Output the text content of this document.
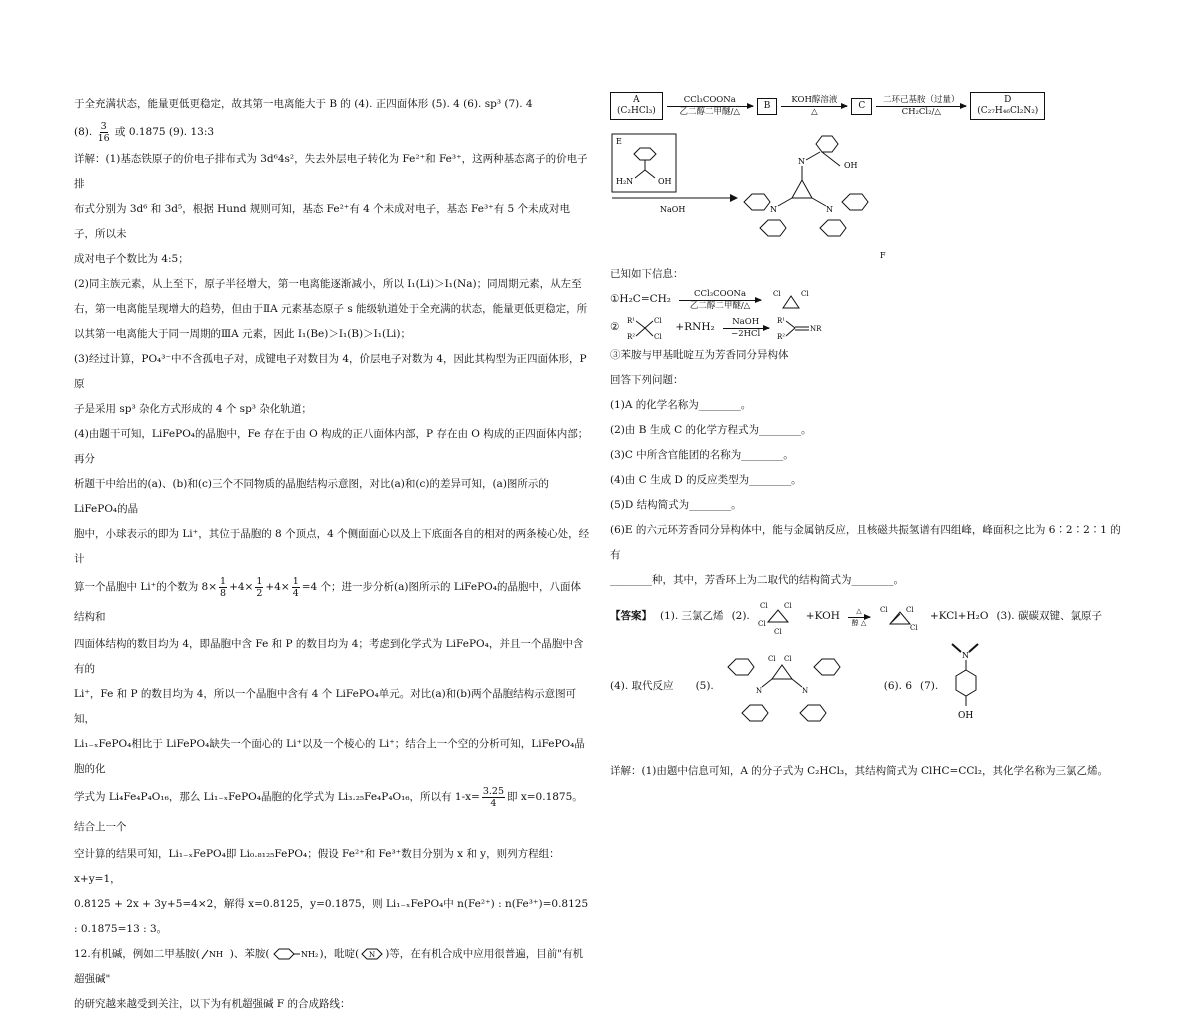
于全充满状态，能量更低更稳定，故其第一电离能大于 B 的 (4). 正四面体形 (5). 4 (6). sp³ (7). 4

(8). $\frac{3}{16}$ 或 0.1875 (9). 13:3

详解：(1)基态铁原子的价电子排布式为 3d⁶4s²，失去外层电子转化为 Fe²⁺和 Fe³⁺，这两种基态离子的价电子排

布式分别为 3d⁶ 和 3d⁵，根据 Hund 规则可知，基态 Fe²⁺有 4 个未成对电子，基态 Fe³⁺有 5 个未成对电子，所以未

成对电子个数比为 4:5；

(2)同主族元素，从上至下，原子半径增大，第一电离能逐渐减小，所以 I₁(Li)＞I₁(Na)；同周期元素，从左至

右，第一电离能呈现增大的趋势，但由于ⅡA 元素基态原子 s 能级轨道处于全充满的状态，能量更低更稳定，所

以其第一电离能大于同一周期的ⅢA 元素，因此 I₁(Be)＞I₁(B)＞I₁(Li)；

(3)经过计算，PO₄³⁻中不含孤电子对，成键电子对数目为 4，价层电子对数为 4，因此其构型为正四面体形，P 原

子是采用 sp³ 杂化方式形成的 4 个 sp³ 杂化轨道；

(4)由题干可知，LiFePO₄的晶胞中，Fe 存在于由 O 构成的正八面体内部，P 存在由 O 构成的正四面体内部；再分

析题干中给出的(a)、(b)和(c)三个不同物质的晶胞结构示意图，对比(a)和(c)的差异可知，(a)图所示的 LiFePO₄的晶

胞中，小球表示的即为 Li⁺，其位于晶胞的 8 个顶点，4 个侧面面心以及上下底面各自的相对的两条棱心处，经计

算一个晶胞中 Li⁺的个数为 $8\times \frac{1}{8} +4\times \frac{1}{2} +4\times \frac{1}{4} =4$ 个；进一步分析(a)图所示的 LiFePO₄的晶胞中，八面体结构和

四面体结构的数目均为 4，即晶胞中含 Fe 和 P 的数目均为 4；考虑到化学式为 LiFePO₄，并且一个晶胞中含有的

Li⁺，Fe 和 P 的数目均为 4，所以一个晶胞中含有 4 个 LiFePO₄单元。对比(a)和(b)两个晶胞结构示意图可知，

Li₁₋ₓFePO₄相比于 LiFePO₄缺失一个面心的 Li⁺以及一个棱心的 Li⁺；结合上一个空的分析可知，LiFePO₄晶胞的化

学式为 Li₄Fe₄P₄O₁₆，那么 Li₁₋ₓFePO₄晶胞的化学式为 Li₃.₂₅Fe₄P₄O₁₆，所以有 $1-x= \frac{3.25}{4}$ 即 x=0.1875。结合上一个

空计算的结果可知，Li₁₋ₓFePO₄即 Li₀.₈₁₂₅FePO₄；假设 Fe²⁺和 Fe³⁺数目分别为 x 和 y，则列方程组： x+y=1，

0.8125 + 2x + 3y+5=4×2，解得 x=0.8125，y=0.1875，则 Li₁₋ₓFePO₄中 n(Fe²⁺) : n(Fe³⁺)=0.8125 : 0.1875=13 : 3。

12.有机碱，例如二甲基胺( NH )、苯胺(	NH₂ )，吡啶( N )等，在有机合成中应用很普遍，目前"有机超强碱"

的研究越来越受到关注，以下为有机超强碱 F 的合成路线：

A
(C₂HCl₃)
CCl₃COONa
乙二醇二甲醚/△
B
KOH醇溶液
△
C
二环己基胺（过量）
CH₂Cl₂/△
D
(C₂₇H₄₆Cl₂N₂)
E
H₂N	OH
NaOH
N	OH
N	N
F

已知如下信息：

①H₂C=CH₂	CCl₃COONa
乙二醇二甲醚/△
Cl	Cl
②
R¹
R²
Cl
Cl
+RNH₂	NaOH
−2HCl
R¹
R²
NR

③苯胺与甲基吡啶互为芳香同分异构体

回答下列问题：

(1)A 的化学名称为________。

(2)由 B 生成 C 的化学方程式为________。

(3)C 中所含官能团的名称为________。

(4)由 C 生成 D 的反应类型为________。

(5)D 结构简式为________。

(6)E 的六元环芳香同分异构体中，能与金属钠反应，且核磁共振氢谱有四组峰，峰面积之比为 6∶2∶2∶1 的有

________种，其中，芳香环上为二取代的结构简式为________。

【答案】 (1). 三氯乙烯 (2).
Cl Cl
Cl
Cl
+KOH	△
醇 △
Cl	Cl
Cl
+KCl+H₂O (3). 碳碳双键、氯原子
(4). 取代反应 (5).
Cl Cl
N	N	(6). 6 (7).
N
OH

详解：(1)由题中信息可知，A 的分子式为 C₂HCl₃，其结构简式为 ClHC=CCl₂，其化学名称为三氯乙烯。
